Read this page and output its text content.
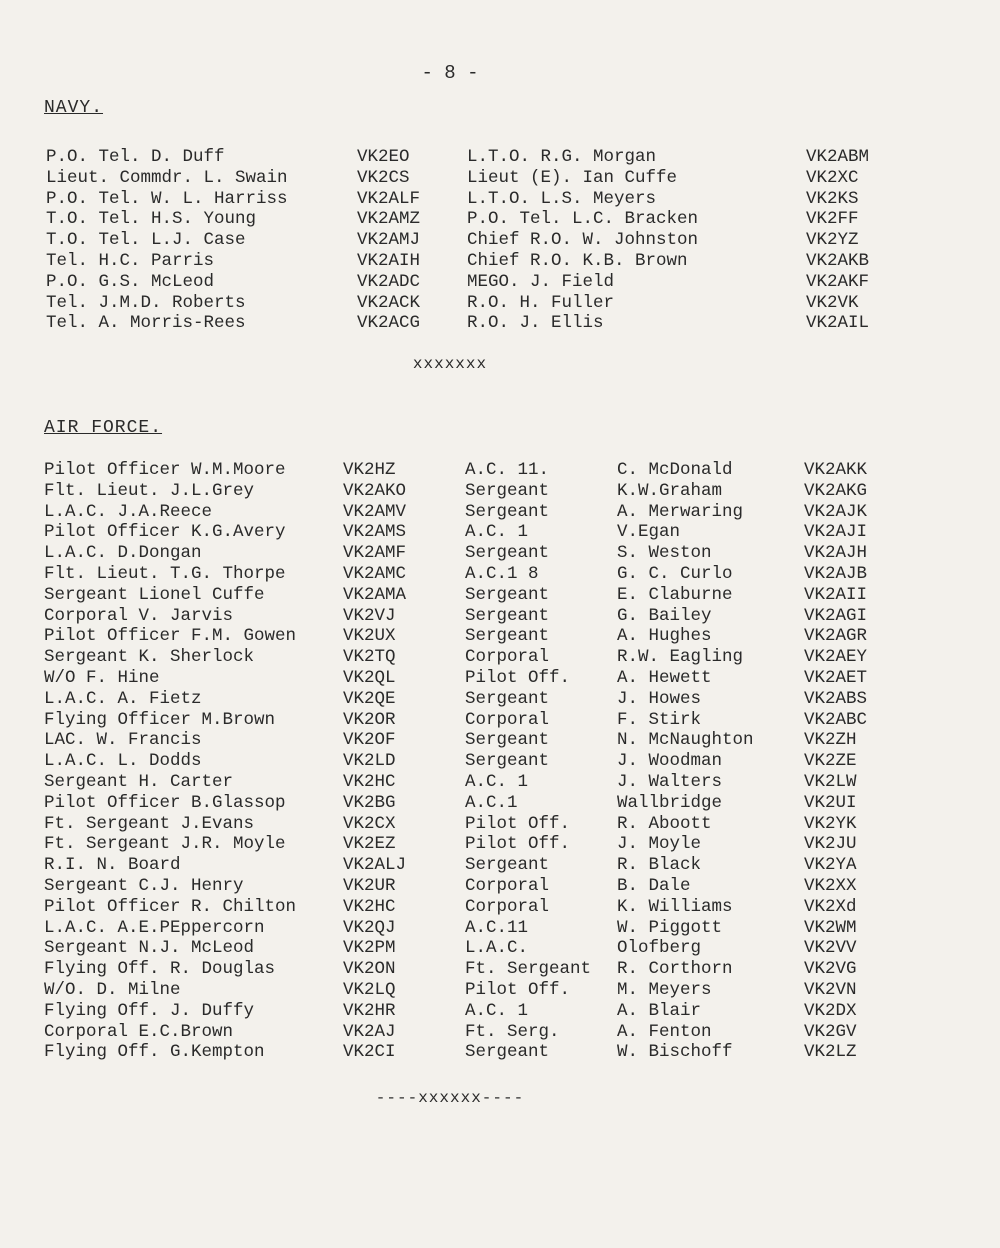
- 8 -
NAVY.
P.O. Tel. D. Duff	VK2EO	L.T.O. R.G. Morgan	VK2ABM
Lieut. Commdr. L. Swain	VK2CS	Lieut (E). Ian Cuffe	VK2XC
P.O. Tel. W. L. Harriss	VK2ALF	L.T.O. L.S. Meyers	VK2KS
T.O. Tel. H.S. Young	VK2AMZ	P.O. Tel. L.C. Bracken	VK2FF
T.O. Tel. L.J. Case	VK2AMJ	Chief R.O. W. Johnston	VK2YZ
Tel. H.C. Parris	VK2AIH	Chief R.O. K.B. Brown	VK2AKB
P.O. G.S. McLeod	VK2ADC	MEGO. J. Field	VK2AKF
Tel. J.M.D. Roberts	VK2ACK	R.O. H. Fuller	VK2VK
Tel. A. Morris-Rees	VK2ACG	R.O. J. Ellis	VK2AIL
xxxxxxx
AIR FORCE.
Pilot Officer W.M.Moore	VK2HZ	A.C. 11.	C. McDonald	VK2AKK
Flt. Lieut. J.L.Grey	VK2AKO	Sergeant	K.W.Graham	VK2AKG
L.A.C. J.A.Reece	VK2AMV	Sergeant	A. Merwaring	VK2AJK
Pilot Officer K.G.Avery	VK2AMS	A.C. 1	V.Egan	VK2AJI
L.A.C. D.Dongan	VK2AMF	Sergeant	S. Weston	VK2AJH
Flt. Lieut. T.G. Thorpe	VK2AMC	A.C.1 8	G. C. Curlo	VK2AJB
Sergeant Lionel Cuffe	VK2AMA	Sergeant	E. Claburne	VK2AII
Corporal V. Jarvis	VK2VJ	Sergeant	G. Bailey	VK2AGI
Pilot Officer F.M. Gowen	VK2UX	Sergeant	A. Hughes	VK2AGR
Sergeant K. Sherlock	VK2TQ	Corporal	R.W. Eagling	VK2AEY
W/O F. Hine	VK2QL	Pilot Off.	A. Hewett	VK2AET
L.A.C. A. Fietz	VK2QE	Sergeant	J. Howes	VK2ABS
Flying Officer M.Brown	VK2OR	Corporal	F. Stirk	VK2ABC
LAC. W. Francis	VK2OF	Sergeant	N. McNaughton	VK2ZH
L.A.C. L. Dodds	VK2LD	Sergeant	J. Woodman	VK2ZE
Sergeant H. Carter	VK2HC	A.C. 1	J. Walters	VK2LW
Pilot Officer B.Glassop	VK2BG	A.C.1	Wallbridge	VK2UI
Ft. Sergeant J.Evans	VK2CX	Pilot Off.	R. Aboott	VK2YK
Ft. Sergeant J.R. Moyle	VK2EZ	Pilot Off.	J. Moyle	VK2JU
R.I. N. Board	VK2ALJ	Sergeant	R. Black	VK2YA
Sergeant C.J. Henry	VK2UR	Corporal	B. Dale	VK2XX
Pilot Officer R. Chilton	VK2HC	Corporal	K. Williams	VK2Xd
L.A.C. A.E.PEppercorn	VK2QJ	A.C.11	W. Piggott	VK2WM
Sergeant N.J. McLeod	VK2PM	L.A.C.	Olofberg	VK2VV
Flying Off. R. Douglas	VK2ON	Ft. Sergeant R. Corthorn	VK2VG
W/O. D. Milne	VK2LQ	Pilot Off.	M. Meyers	VK2VN
Flying Off. J. Duffy	VK2HR	A.C. 1	A. Blair	VK2DX
Corporal E.C.Brown	VK2AJ	Ft. Serg.	A. Fenton	VK2GV
Flying Off. G.Kempton	VK2CI	Sergeant	W. Bischoff	VK2LZ
----xxxxxx----
